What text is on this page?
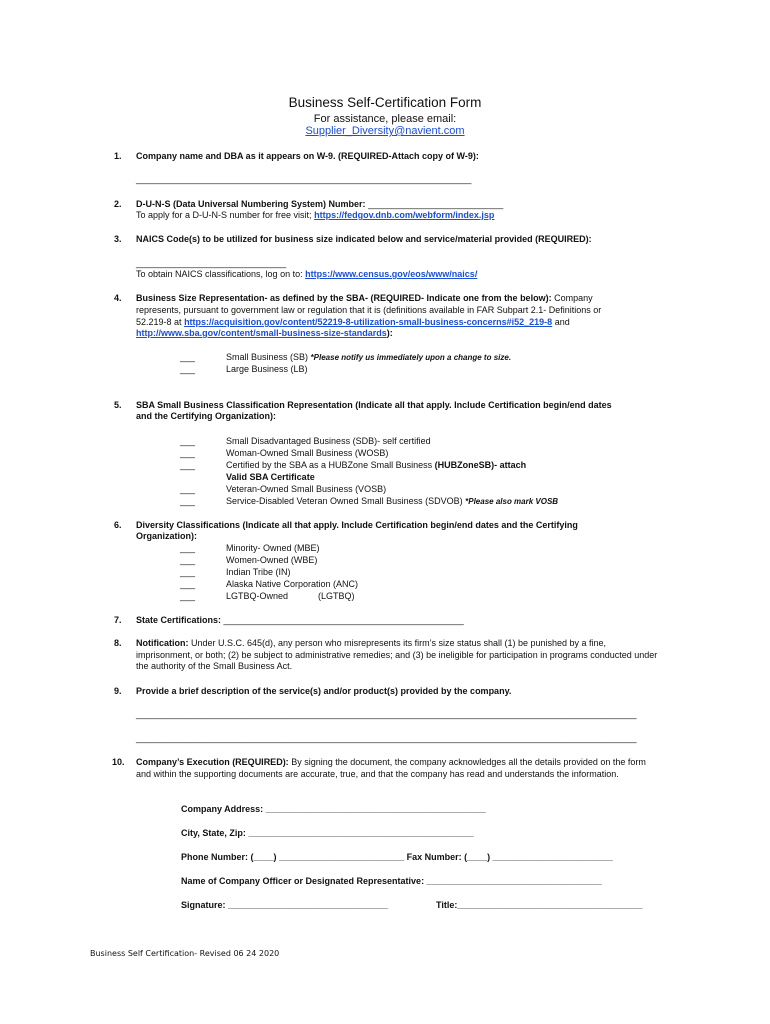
Business Self-Certification Form
For assistance, please email:
Supplier_Diversity@navient.com
1. Company name and DBA as it appears on W-9. (REQUIRED-Attach copy of W-9):
___________________________________________________________________
2. D-U-N-S (Data Universal Numbering System) Number: ___________________________
To apply for a D-U-N-S number for free visit; https://fedgov.dnb.com/webform/index.jsp
3. NAICS Code(s) to be utilized for business size indicated below and service/material provided (REQUIRED):
______________________________
To obtain NAICS classifications, log on to: https://www.census.gov/eos/www/naics/
4. Business Size Representation- as defined by the SBA- (REQUIRED- Indicate one from the below): Company
represents, pursuant to government law or regulation that it is (definitions available in FAR Subpart 2.1- Definitions or
52.219-8 at https://acquisition.gov/content/52219-8-utilization-small-business-concerns#i52_219-8 and
http://www.sba.gov/content/small-business-size-standards):
___	Small Business (SB) *Please notify us immediately upon a change to size.
___	Large Business (LB)
5. SBA Small Business Classification Representation (Indicate all that apply. Include Certification begin/end dates
and the Certifying Organization):
___	Small Disadvantaged Business (SDB)- self certified
___	Woman-Owned Small Business (WOSB)
___	Certified by the SBA as a HUBZone Small Business (HUBZoneSB)- attach
Valid SBA Certificate
___	Veteran-Owned Small Business (VOSB)
___	Service-Disabled Veteran Owned Small Business (SDVOB) *Please also mark VOSB
6. Diversity Classifications (Indicate all that apply. Include Certification begin/end dates and the Certifying
Organization):
___	Minority- Owned (MBE)
___	Women-Owned (WBE)
___	Indian Tribe (IN)
___	Alaska Native Corporation (ANC)
___	LGTBQ-Owned	(LGTBQ)
7. State Certifications: ________________________________________________
8. Notification: Under U.S.C. 645(d), any person who misrepresents its firm’s size status shall (1) be punished by a fine, imprisonment, or both; (2) be subject to administrative remedies; and (3) be ineligible for participation in programs conducted under the authority of the Small Business Act.
9. Provide a brief description of the service(s) and/or product(s) provided by the company.
____________________________________________________________________________________________________
____________________________________________________________________________________________________
10. Company’s Execution (REQUIRED): By signing the document, the company acknowledges all the details provided on the form and within the supporting documents are accurate, true, and that the company has read and understands the information.
Company Address: ____________________________________________
City, State, Zip: _____________________________________________
Phone Number: (____) _________________________ Fax Number: (____) ________________________
Name of Company Officer or Designated Representative: ___________________________________
Signature: ________________________________	Title:_____________________________________
Business Self Certification- Revised 06 24 2020
